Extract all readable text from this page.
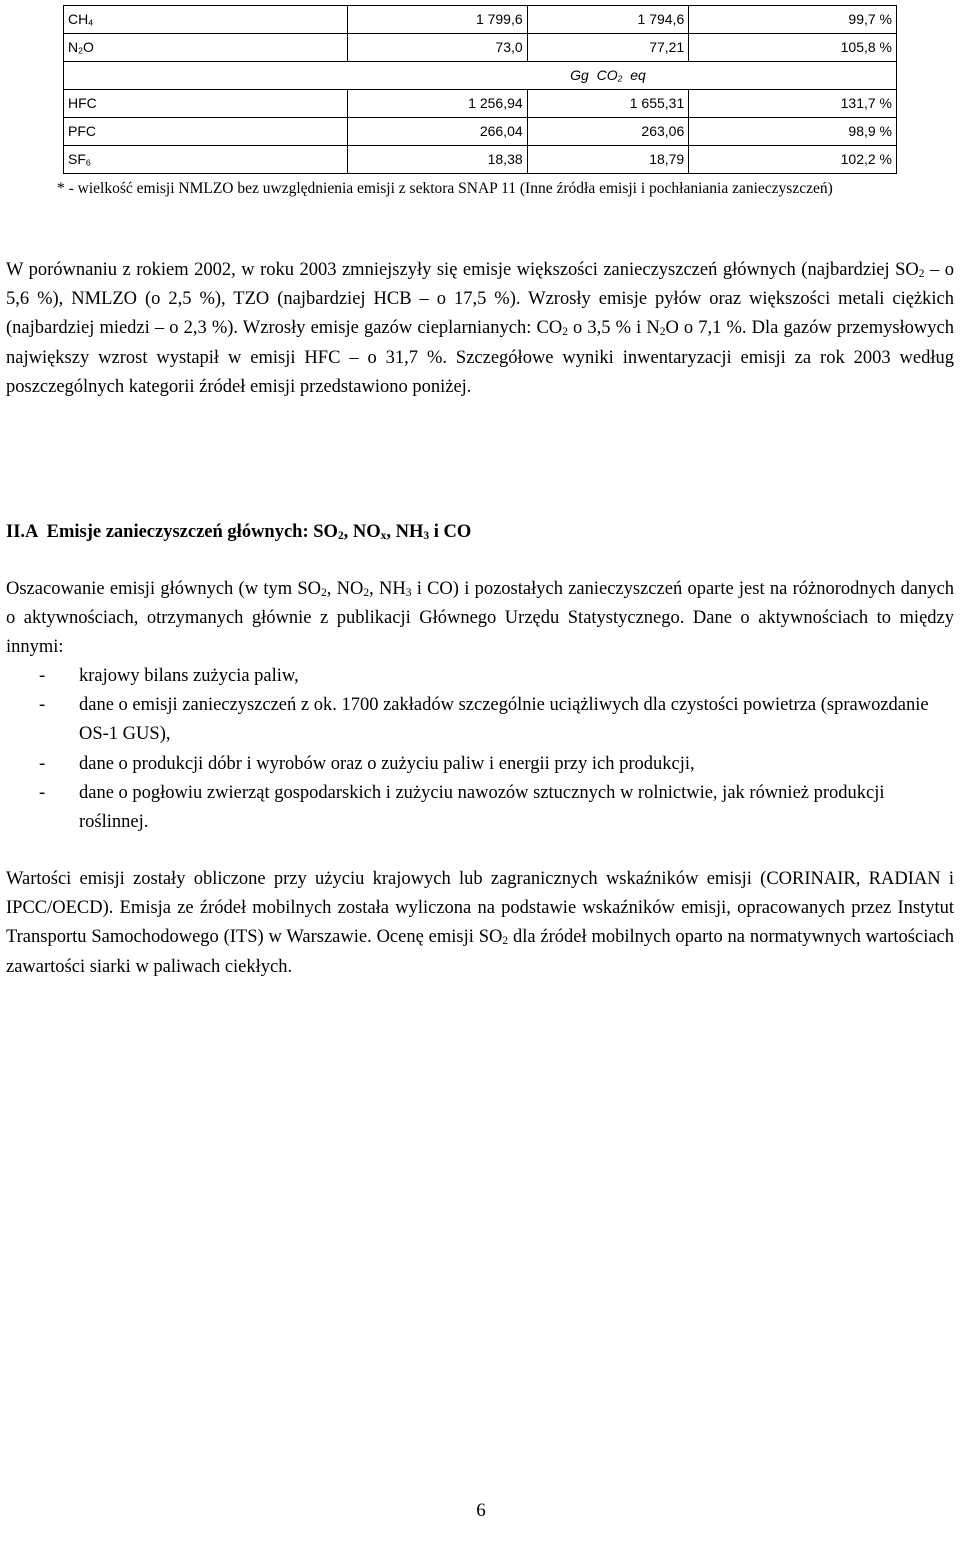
CH4	1 799,6	1 794,6	99,7 %
N2O	73,0	77,21	105,8 %
		Gg CO2 eq	
HFC	1 256,94	1 655,31	131,7 %
PFC	266,04	263,06	98,9 %
SF6	18,38	18,79	102,2 %
* - wielkość emisji NMLZO bez uwzględnienia emisji z sektora SNAP 11 (Inne źródła emisji i pochłaniania zanieczyszczeń)

W porównaniu z rokiem 2002, w roku 2003 zmniejszyły się emisje większości zanieczyszczeń głównych (najbardziej $SO_2$ – o 5,6 %), NMLZO (o 2,5 %), TZO (najbardziej HCB – o 17,5 %). Wzrosły emisje pyłów oraz większości metali ciężkich (najbardziej miedzi – o 2,3 %). Wzrosły emisje gazów cieplarnianych: $CO_2$ o 3,5 % i $N_2O$ o 7,1 %. Dla gazów przemysłowych największy wzrost wystapił w emisji HFC – o 31,7 %. Szczegółowe wyniki inwentaryzacji emisji za rok 2003 według poszczególnych kategorii źródeł emisji przedstawiono poniżej.

II.A  Emisje zanieczyszczeń głównych: $SO_2$, $NO_x$, $NH_3$ i CO

Oszacowanie emisji głównych (w tym $SO_2$, $NO_2$, $NH_3$ i CO) i pozostałych zanieczyszczeń oparte jest na różnorodnych danych o aktywnościach, otrzymanych głównie z publikacji Głównego Urzędu Statystycznego. Dane o aktywnościach to między innymi:

- krajowy bilans zużycia paliw,
- dane o emisji zanieczyszczeń z ok. 1700 zakładów szczególnie uciążliwych dla czystości powietrza (sprawozdanie OS-1 GUS),
- dane o produkcji dóbr i wyrobów oraz o zużyciu paliw i energii przy ich produkcji,
- dane o pogłowiu zwierząt gospodarskich i zużyciu nawozów sztucznych w rolnictwie, jak również produkcji roślinnej.

Wartości emisji zostały obliczone przy użyciu krajowych lub zagranicznych wskaźników emisji (CORINAIR, RADIAN i IPCC/OECD). Emisja ze źródeł mobilnych została wyliczona na podstawie wskaźników emisji, opracowanych przez Instytut Transportu Samochodowego (ITS) w Warszawie. Ocenę emisji $SO_2$ dla źródeł mobilnych oparto na normatywnych wartościach zawartości siarki w paliwach ciekłych.

6
